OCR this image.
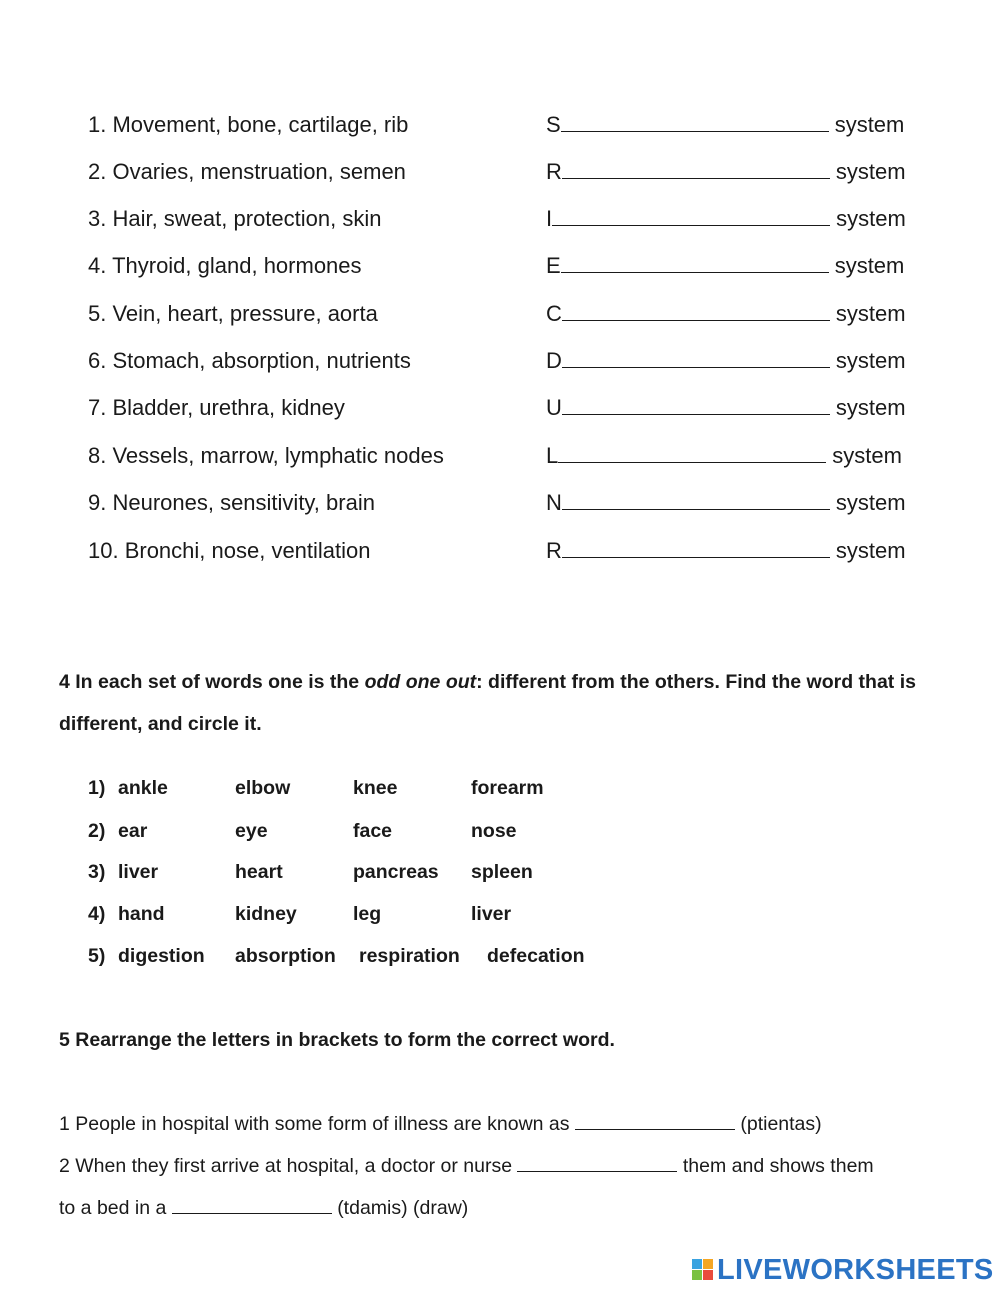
1. Movement, bone, cartilage, rib	S	system
2. Ovaries, menstruation, semen	R	system
3. Hair, sweat, protection, skin	I	system
4. Thyroid, gland, hormones	E	system
5. Vein, heart, pressure, aorta	C	system
6. Stomach, absorption, nutrients	D	system
7. Bladder, urethra, kidney	U	system
8. Vessels, marrow, lymphatic nodes	L	system
9. Neurones, sensitivity, brain	N	system
10. Bronchi, nose, ventilation	R	system
4 In each set of words one is the odd one out: different from the others. Find the word that is different, and circle it.
1) ankle	elbow	knee	forearm
2) ear	eye	face	nose
3) liver	heart	pancreas spleen
4) hand	kidney	leg	liver
5) digestion absorption respiration defecation
5 Rearrange the letters in brackets to form the correct word.
1 People in hospital with some form of illness are known as	(ptientas)
2 When they first arrive at hospital, a doctor or nurse	them and shows them
to a bed in a	(tdamis) (draw)
LIVEWORKSHEETS
